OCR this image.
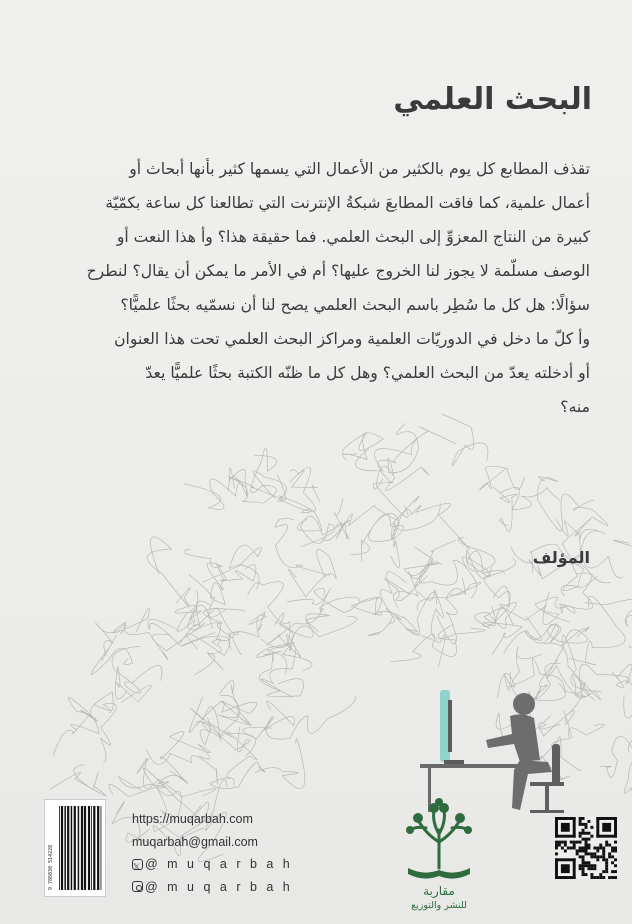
البحث العلمي

تقذف المطابع كل يوم بالكثير من الأعمال التي يسمها كثير بأنها أبحاث أو

أعمال علمية، كما فاقت المطابعَ شبكةُ الإنترنت التي تطالعنا كل ساعة بكمّيّة

كبيرة من النتاج المعزوِّ إلى البحث العلمي. فما حقيقة هذا؟ وأ هذا النعت أو

الوصف مسلّمة لا يجوز لنا الخروج عليها؟ أم في الأمر ما يمكن أن يقال؟ لنطرح

سؤالًا: هل كل ما سُطِر باسم البحث العلمي يصح لنا أن نسمّيه بحثًا علميًّا؟

وأ كلّ ما دخل في الدوريّات العلمية ومراكز البحث العلمي تحت هذا العنوان

أو أدخلته يعدّ من البحث العلمي؟ وهل كل ما ظنّه الكتبة بحثًا علميًّا يعدّ

منه؟

المؤلف
9 786030 514228
https://muqarbah.com
muqarbah@gmail.com
𝕏
@ m u q a r b a h
@ m u q a r b a h	مقاربة
للنشر والتوزيع
